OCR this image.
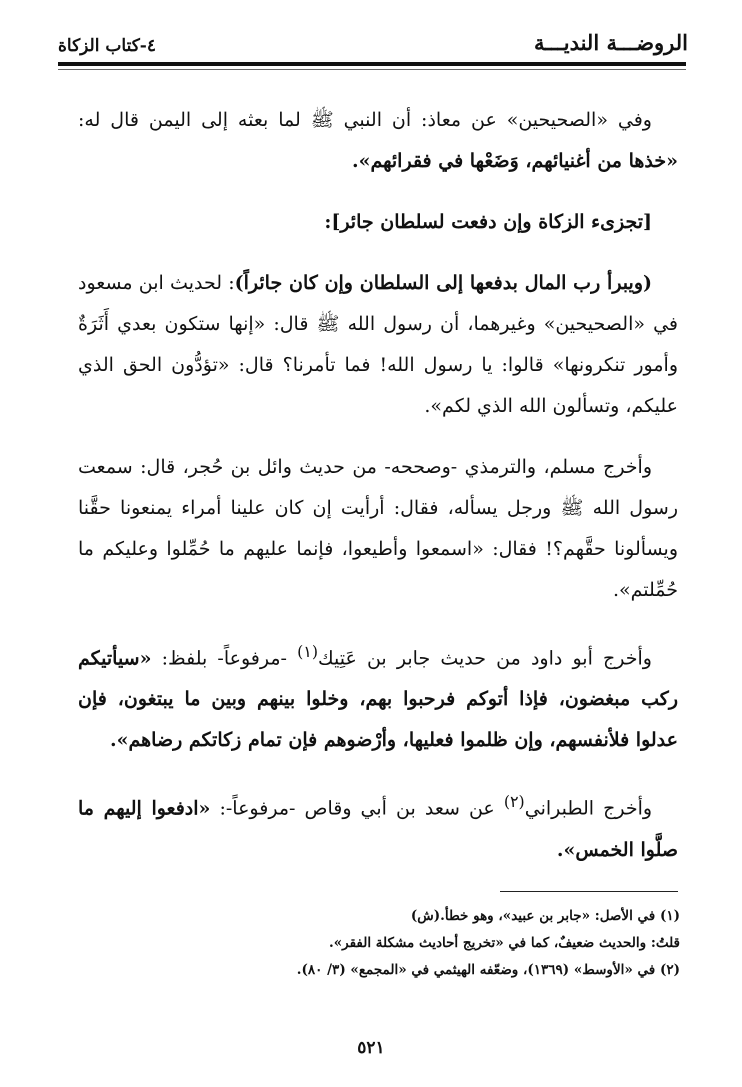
الروضـــة النديـــة
٤-كتاب الزكاة

وفي «الصحيحين» عن معاذ: أن النبي ﷺ لما بعثه إلى اليمن قال له: «خذها من أغنيائهم، وَضَعْها في فقرائهم».

[تجزىء الزكاة وإن دفعت لسلطان جائر]:

(ويبرأ رب المال بدفعها إلى السلطان وإن كان جائراً): لحديث ابن مسعود في «الصحيحين» وغيرهما، أن رسول الله ﷺ قال: «إنها ستكون بعدي أَثَرَةٌ وأمور تنكرونها» قالوا: يا رسول الله! فما تأمرنا؟ قال: «تؤدُّون الحق الذي عليكم، وتسألون الله الذي لكم».

وأخرج مسلم، والترمذي -وصححه- من حديث وائل بن حُجر، قال: سمعت رسول الله ﷺ ورجل يسأله، فقال: أرأيت إن كان علينا أمراء يمنعونا حقَّنا ويسألونا حقَّهم؟! فقال: «اسمعوا وأطيعوا، فإنما عليهم ما حُمِّلوا وعليكم ما حُمِّلتم».

وأخرج أبو داود من حديث جابر بن عَتِيك$^{(١)}$ -مرفوعاً- بلفظ: «سيأتيكم ركب مبغضون، فإذا أتوكم فرحبوا بهم، وخلوا بينهم وبين ما يبتغون، فإن عدلوا فلأنفسهم، وإن ظلموا فعليها، وأرْضوهم فإن تمام زكاتكم رضاهم».

وأخرج الطبراني$^{(٢)}$ عن سعد بن أبي وقاص -مرفوعاً-: «ادفعوا إليهم ما صلَّوا الخمس».

(١) في الأصل: «جابر بن عبيد»، وهو خطأ.(ش)
قلتُ: والحديث ضعيفٌ، كما في «تخريج أحاديث مشكلة الفقر».
(٢) في «الأوسط» (١٣٦٩)، وضعّفه الهيثمي في «المجمع» (٣/ ٨٠).
٥٢١
